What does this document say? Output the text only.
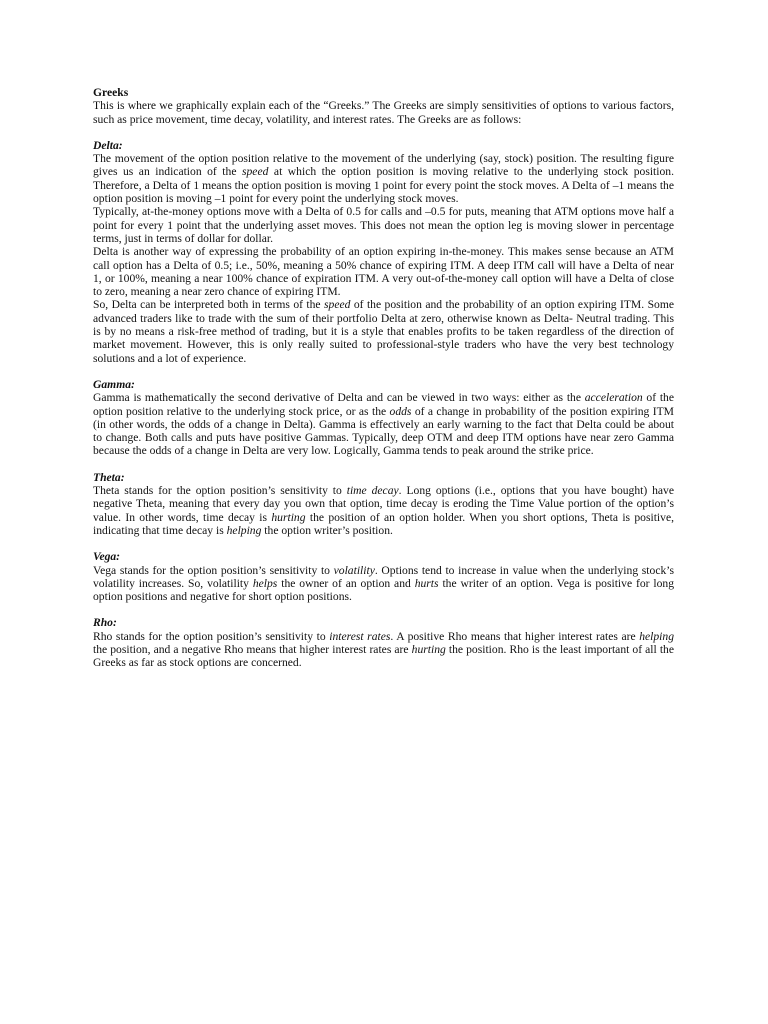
Greeks

This is where we graphically explain each of the “Greeks.” The Greeks are simply sensitivities of options to various factors, such as price movement, time decay, volatility, and interest rates. The Greeks are as follows:

Delta:

The movement of the option position relative to the movement of the underlying (say, stock) position. The resulting figure gives us an indication of the speed at which the option position is moving relative to the underlying stock position. Therefore, a Delta of 1 means the option position is moving 1 point for every point the stock moves. A Delta of –1 means the option position is moving –1 point for every point the underlying stock moves.

Typically, at-the-money options move with a Delta of 0.5 for calls and –0.5 for puts, meaning that ATM options move half a point for every 1 point that the underlying asset moves. This does not mean the option leg is moving slower in percentage terms, just in terms of dollar for dollar.

Delta is another way of expressing the probability of an option expiring in-the-money. This makes sense because an ATM call option has a Delta of 0.5; i.e., 50%, meaning a 50% chance of expiring ITM. A deep ITM call will have a Delta of near 1, or 100%, meaning a near 100% chance of expiration ITM. A very out-of-the-money call option will have a Delta of close to zero, meaning a near zero chance of expiring ITM.

So, Delta can be interpreted both in terms of the speed of the position and the probability of an option expiring ITM. Some advanced traders like to trade with the sum of their portfolio Delta at zero, otherwise known as Delta- Neutral trading. This is by no means a risk-free method of trading, but it is a style that enables profits to be taken regardless of the direction of market movement. However, this is only really suited to professional-style traders who have the very best technology solutions and a lot of experience.

Gamma:

Gamma is mathematically the second derivative of Delta and can be viewed in two ways: either as the acceleration of the option position relative to the underlying stock price, or as the odds of a change in probability of the position expiring ITM (in other words, the odds of a change in Delta). Gamma is effectively an early warning to the fact that Delta could be about to change. Both calls and puts have positive Gammas. Typically, deep OTM and deep ITM options have near zero Gamma because the odds of a change in Delta are very low. Logically, Gamma tends to peak around the strike price.

Theta:

Theta stands for the option position’s sensitivity to time decay. Long options (i.e., options that you have bought) have negative Theta, meaning that every day you own that option, time decay is eroding the Time Value portion of the option’s value. In other words, time decay is hurting the position of an option holder. When you short options, Theta is positive, indicating that time decay is helping the option writer’s position.

Vega:

Vega stands for the option position’s sensitivity to volatility. Options tend to increase in value when the underlying stock’s volatility increases. So, volatility helps the owner of an option and hurts the writer of an option. Vega is positive for long option positions and negative for short option positions.

Rho:

Rho stands for the option position’s sensitivity to interest rates. A positive Rho means that higher interest rates are helping the position, and a negative Rho means that higher interest rates are hurting the position. Rho is the least important of all the Greeks as far as stock options are concerned.
